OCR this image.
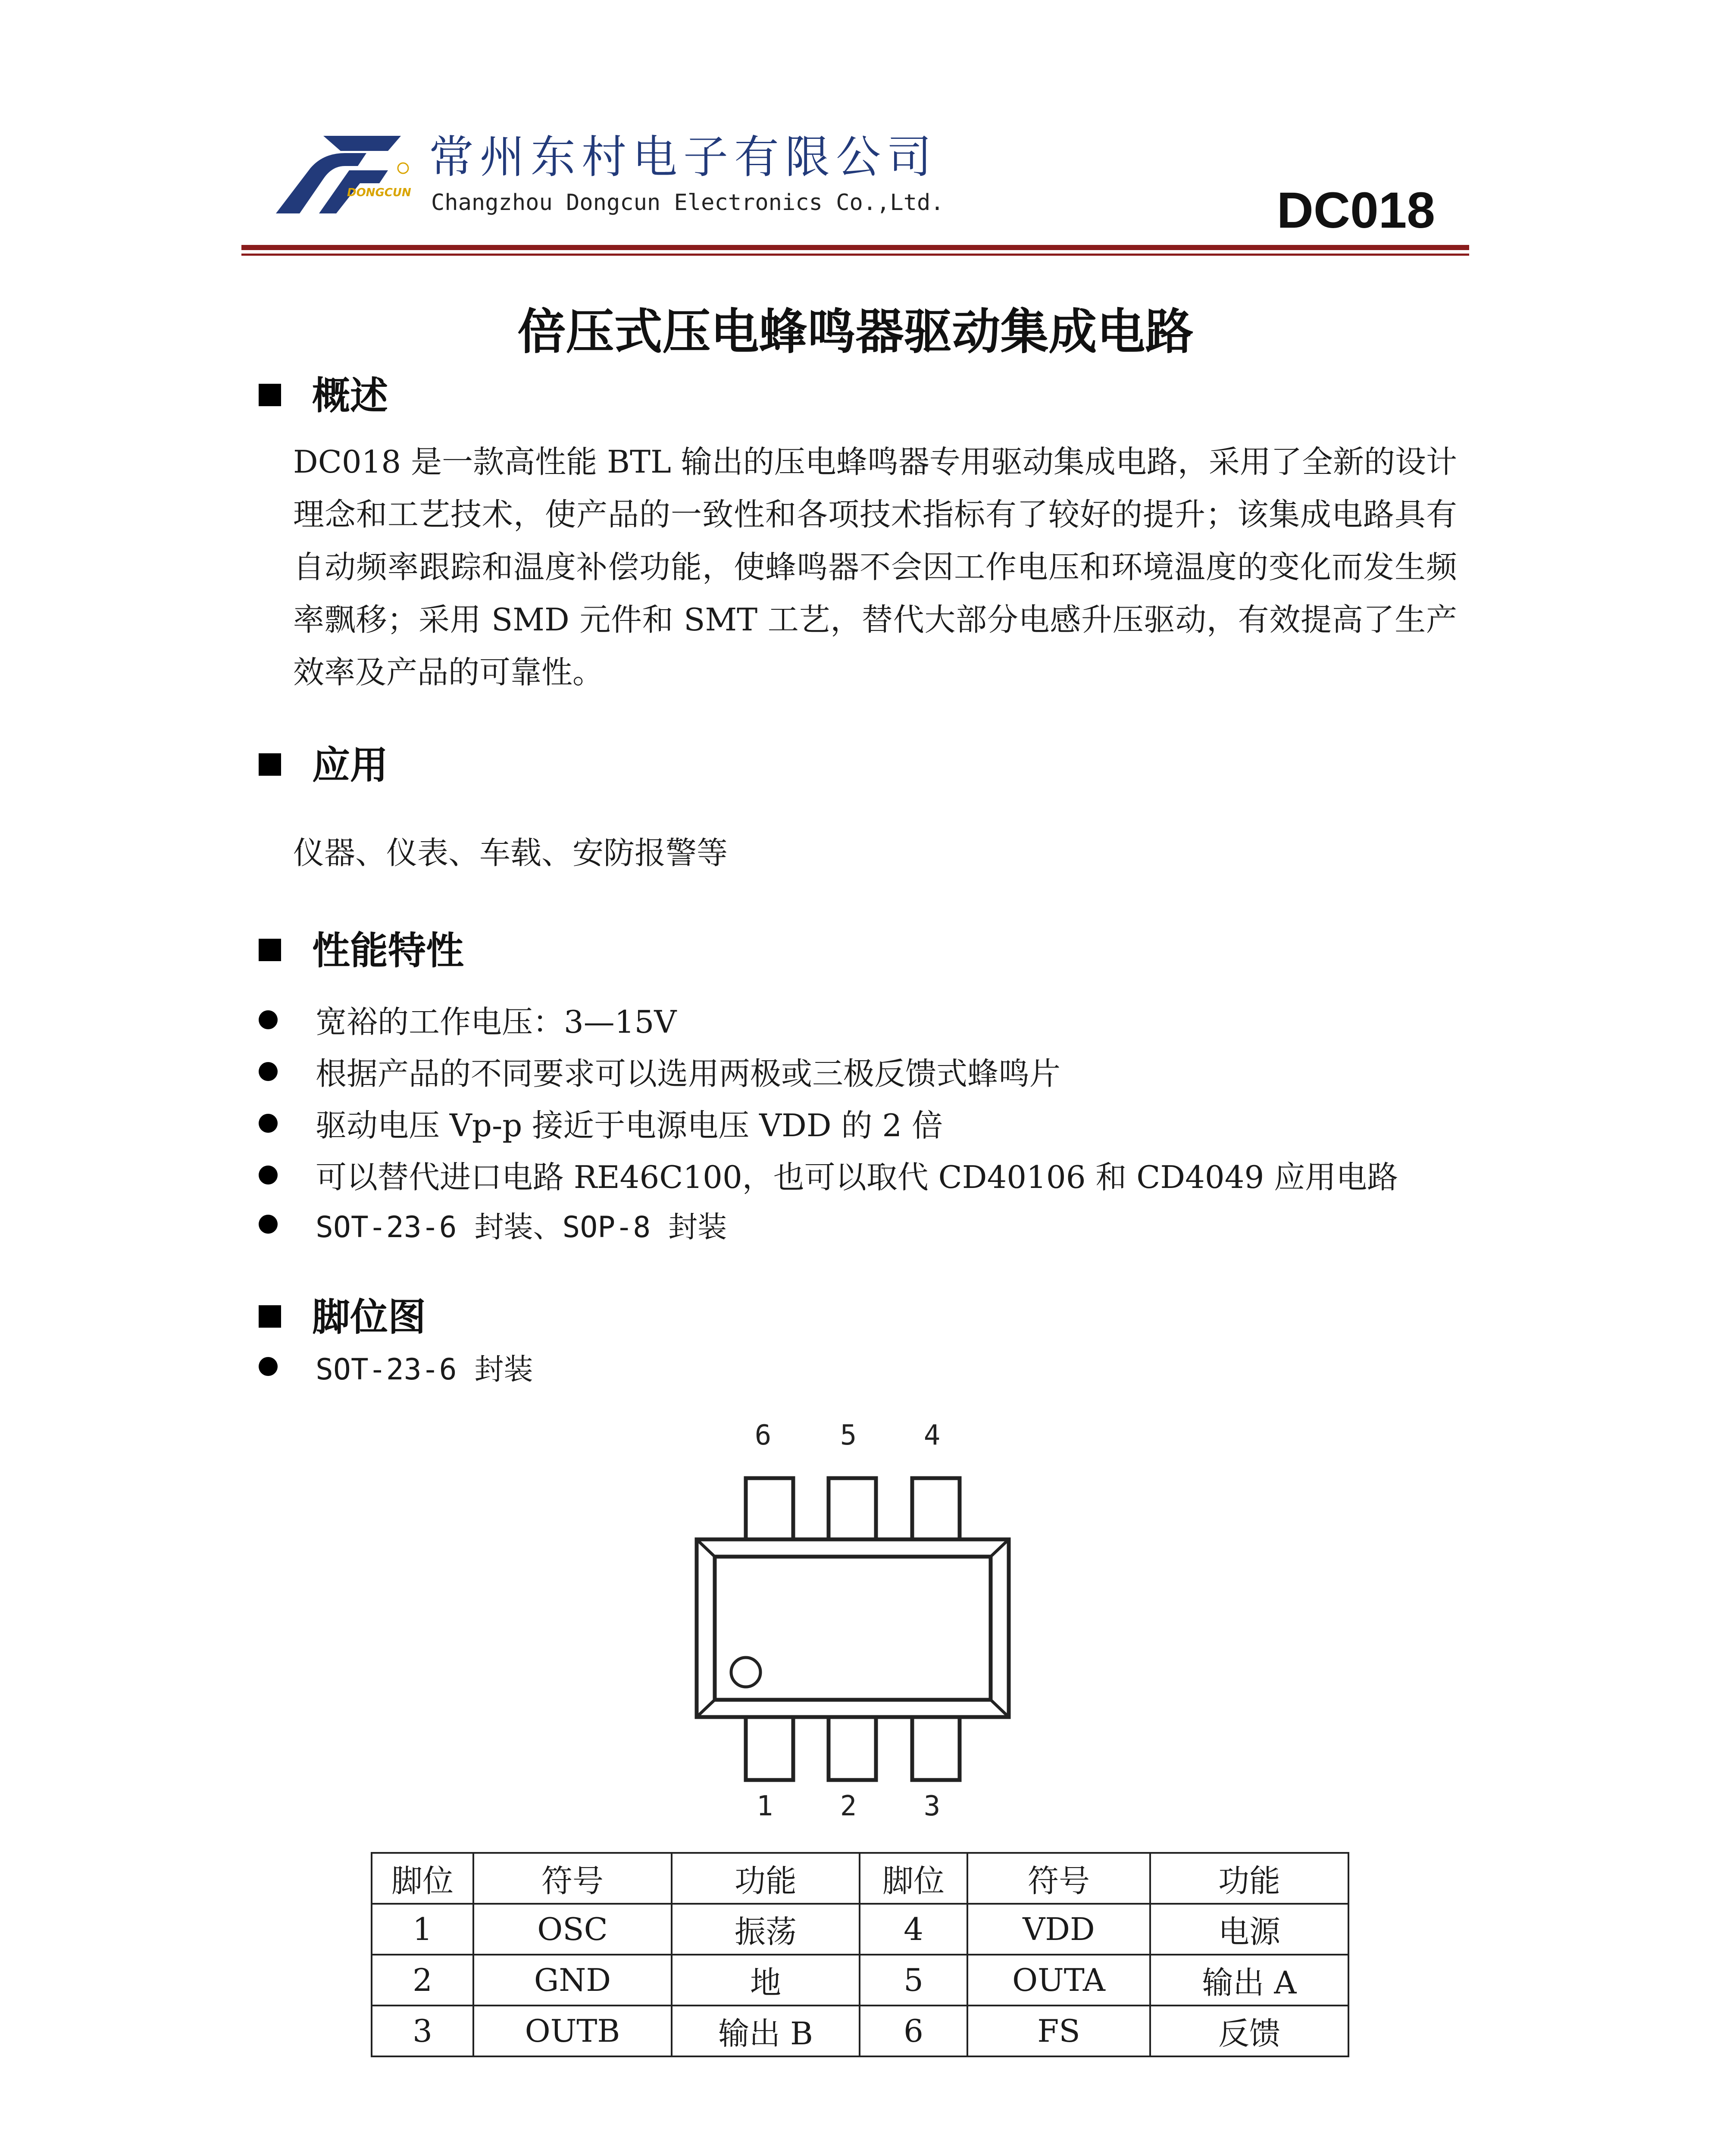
DONGCUN
常州东村电子有限公司
Changzhou Dongcun Electronics Co.,Ltd.	DC018
倍压式压电蜂鸣器驱动集成电路
概述
DC018 是一款高性能 BTL 输出的压电蜂鸣器专用驱动集成电路，采用了全新的设计理念和工艺技术，使产品的一致性和各项技术指标有了较好的提升；该集成电路具有自动频率跟踪和温度补偿功能，使蜂鸣器不会因工作电压和环境温度的变化而发生频率飘移；采用 SMD 元件和 SMT 工艺，替代大部分电感升压驱动，有效提高了生产效率及产品的可靠性。
应用
仪器、仪表、车载、安防报警等
性能特性
宽裕的工作电压：3—15V
根据产品的不同要求可以选用两极或三极反馈式蜂鸣片
驱动电压 Vp-p 接近于电源电压 VDD 的 2 倍
可以替代进口电路 RE46C100，也可以取代 CD40106 和 CD4049 应用电路
SOT-23-6 封装、SOP-8 封装
脚位图
SOT-23-6 封装
6 5 4
1 2 3
脚位	符号	功能	脚位	符号	功能
1	OSC	振荡	4	VDD	电源
2	GND	地	5	OUTA	输出 A
3	OUTB	输出 B	6	FS	反馈
